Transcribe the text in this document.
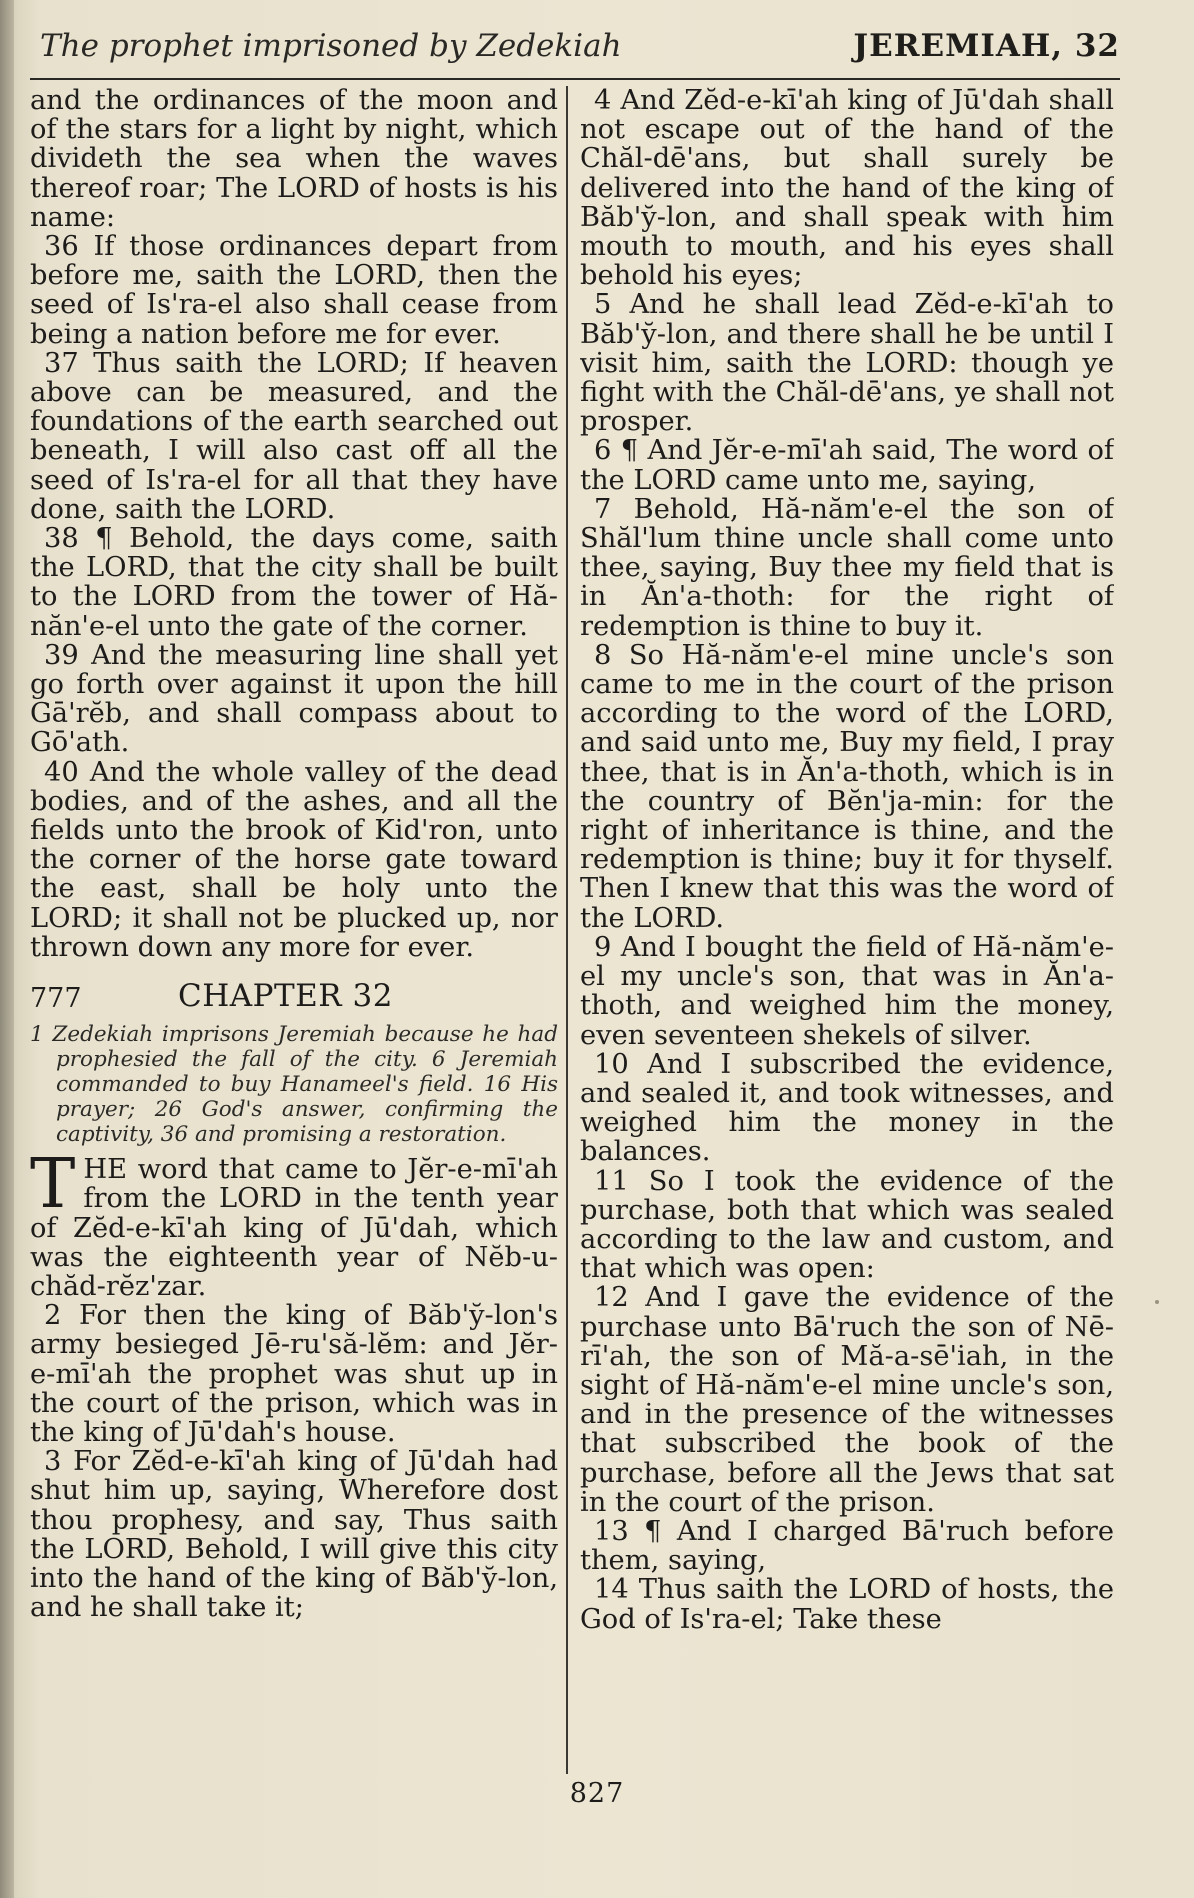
The prophet imprisoned by Zedekiah	JEREMIAH, 32

and the ordinances of the moon and of the stars for a light by night, which divideth the sea when the waves thereof roar; The LORD of hosts is his name:

36 If those ordinances depart from before me, saith the LORD, then the seed of Is'ra-el also shall cease from being a nation before me for ever.

37 Thus saith the LORD; If heaven above can be measured, and the foundations of the earth searched out beneath, I will also cast off all the seed of Is'ra-el for all that they have done, saith the LORD.

38 ¶ Behold, the days come, saith the LORD, that the city shall be built to the LORD from the tower of Hă-năn'e-el unto the gate of the corner.

39 And the measuring line shall yet go forth over against it upon the hill Gā'rĕb, and shall compass about to Gō'ath.

40 And the whole valley of the dead bodies, and of the ashes, and all the fields unto the brook of Kid'ron, unto the corner of the horse gate toward the east, shall be holy unto the LORD; it shall not be plucked up, nor thrown down any more for ever.

777	CHAPTER 32

1 Zedekiah imprisons Jeremiah because he had prophesied the fall of the city. 6 Jeremiah commanded to buy Hanameel's field. 16 His prayer; 26 God's answer, confirming the captivity, 36 and promising a restoration.

T HE word that came to Jĕr-e-mī'ah from the LORD in the tenth year of Zĕd-e-kī'ah king of Jū'dah, which was the eighteenth year of Nĕb-u-chăd-rĕz'zar.

2 For then the king of Băb'y̆-lon's army besieged Jē-ru'să-lĕm: and Jĕr-e-mī'ah the prophet was shut up in the court of the prison, which was in the king of Jū'dah's house.

3 For Zĕd-e-kī'ah king of Jū'dah had shut him up, saying, Wherefore dost thou prophesy, and say, Thus saith the LORD, Behold, I will give this city into the hand of the king of Băb'y̆-lon, and he shall take it;

4 And Zĕd-e-kī'ah king of Jū'dah shall not escape out of the hand of the Chăl-dē'ans, but shall surely be delivered into the hand of the king of Băb'y̆-lon, and shall speak with him mouth to mouth, and his eyes shall behold his eyes;

5 And he shall lead Zĕd-e-kī'ah to Băb'y̆-lon, and there shall he be until I visit him, saith the LORD: though ye fight with the Chăl-dē'ans, ye shall not prosper.

6 ¶ And Jĕr-e-mī'ah said, The word of the LORD came unto me, saying,

7 Behold, Hă-năm'e-el the son of Shăl'lum thine uncle shall come unto thee, saying, Buy thee my field that is in Ăn'a-thoth: for the right of redemption is thine to buy it.

8 So Hă-năm'e-el mine uncle's son came to me in the court of the prison according to the word of the LORD, and said unto me, Buy my field, I pray thee, that is in Ăn'a-thoth, which is in the country of Bĕn'ja-min: for the right of inheritance is thine, and the redemption is thine; buy it for thyself. Then I knew that this was the word of the LORD.

9 And I bought the field of Hă-năm'e-el my uncle's son, that was in Ăn'a-thoth, and weighed him the money, even seventeen shekels of silver.

10 And I subscribed the evidence, and sealed it, and took witnesses, and weighed him the money in the balances.

11 So I took the evidence of the purchase, both that which was sealed according to the law and custom, and that which was open:

12 And I gave the evidence of the purchase unto Bā'ruch the son of Nē-rī'ah, the son of Mă-a-sē'iah, in the sight of Hă-năm'e-el mine uncle's son, and in the presence of the witnesses that subscribed the book of the purchase, before all the Jews that sat in the court of the prison.

13 ¶ And I charged Bā'ruch before them, saying,

14 Thus saith the LORD of hosts, the God of Is'ra-el; Take these

827
